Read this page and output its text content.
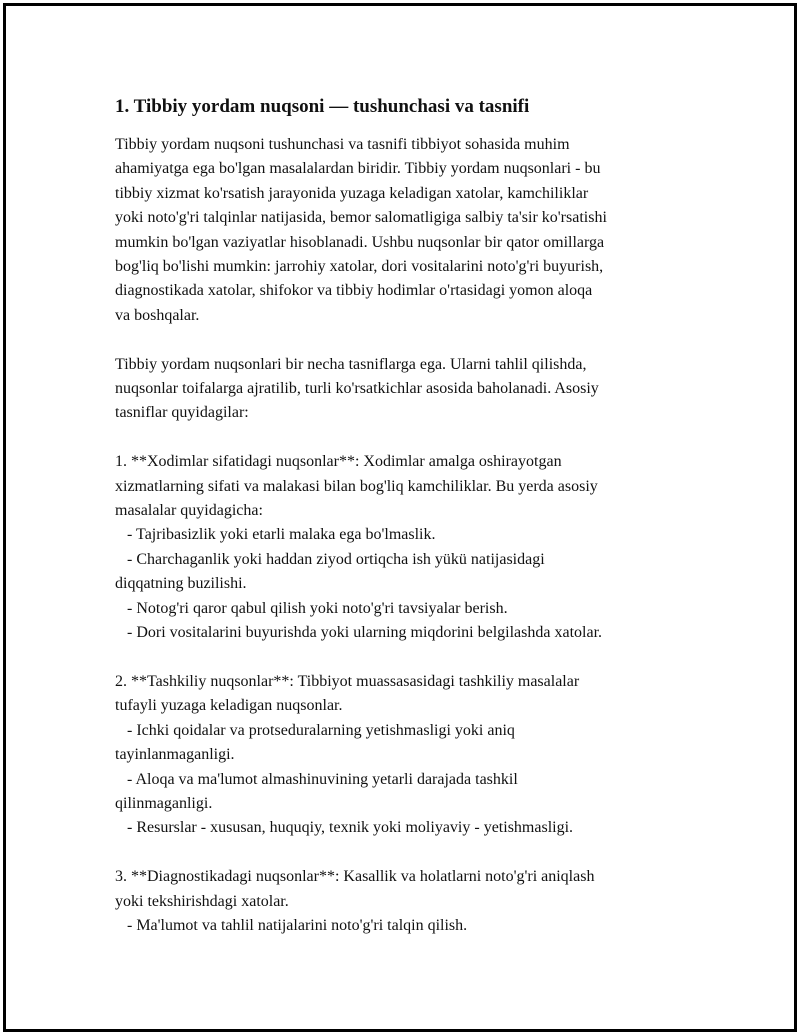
1. Tibbiy yordam nuqsoni — tushunchasi va tasnifi
Tibbiy yordam nuqsoni tushunchasi va tasnifi tibbiyot sohasida muhim
ahamiyatga ega bo'lgan masalalardan biridir. Tibbiy yordam nuqsonlari - bu
tibbiy xizmat ko'rsatish jarayonida yuzaga keladigan xatolar, kamchiliklar
yoki noto'g'ri talqinlar natijasida, bemor salomatligiga salbiy ta'sir ko'rsatishi
mumkin bo'lgan vaziyatlar hisoblanadi. Ushbu nuqsonlar bir qator omillarga
bog'liq bo'lishi mumkin: jarrohiy xatolar, dori vositalarini noto'g'ri buyurish,
diagnostikada xatolar, shifokor va tibbiy hodimlar o'rtasidagi yomon aloqa
va boshqalar.
Tibbiy yordam nuqsonlari bir necha tasniflarga ega. Ularni tahlil qilishda,
nuqsonlar toifalarga ajratilib, turli ko'rsatkichlar asosida baholanadi. Asosiy
tasniflar quyidagilar:
1. **Xodimlar sifatidagi nuqsonlar**: Xodimlar amalga oshirayotgan
xizmatlarning sifati va malakasi bilan bog'liq kamchiliklar. Bu yerda asosiy
masalalar quyidagicha:
- Tajribasizlik yoki etarli malaka ega bo'lmaslik.
- Charchaganlik yoki haddan ziyod ortiqcha ish yükü natijasidagi
diqqatning buzilishi.
- Notog'ri qaror qabul qilish yoki noto'g'ri tavsiyalar berish.
- Dori vositalarini buyurishda yoki ularning miqdorini belgilashda xatolar.
2. **Tashkiliy nuqsonlar**: Tibbiyot muassasasidagi tashkiliy masalalar
tufayli yuzaga keladigan nuqsonlar.
- Ichki qoidalar va protseduralarning yetishmasligi yoki aniq
tayinlanmaganligi.
- Aloqa va ma'lumot almashinuvining yetarli darajada tashkil
qilinmaganligi.
- Resurslar - xususan, huquqiy, texnik yoki moliyaviy - yetishmasligi.
3. **Diagnostikadagi nuqsonlar**: Kasallik va holatlarni noto'g'ri aniqlash
yoki tekshirishdagi xatolar.
- Ma'lumot va tahlil natijalarini noto'g'ri talqin qilish.
